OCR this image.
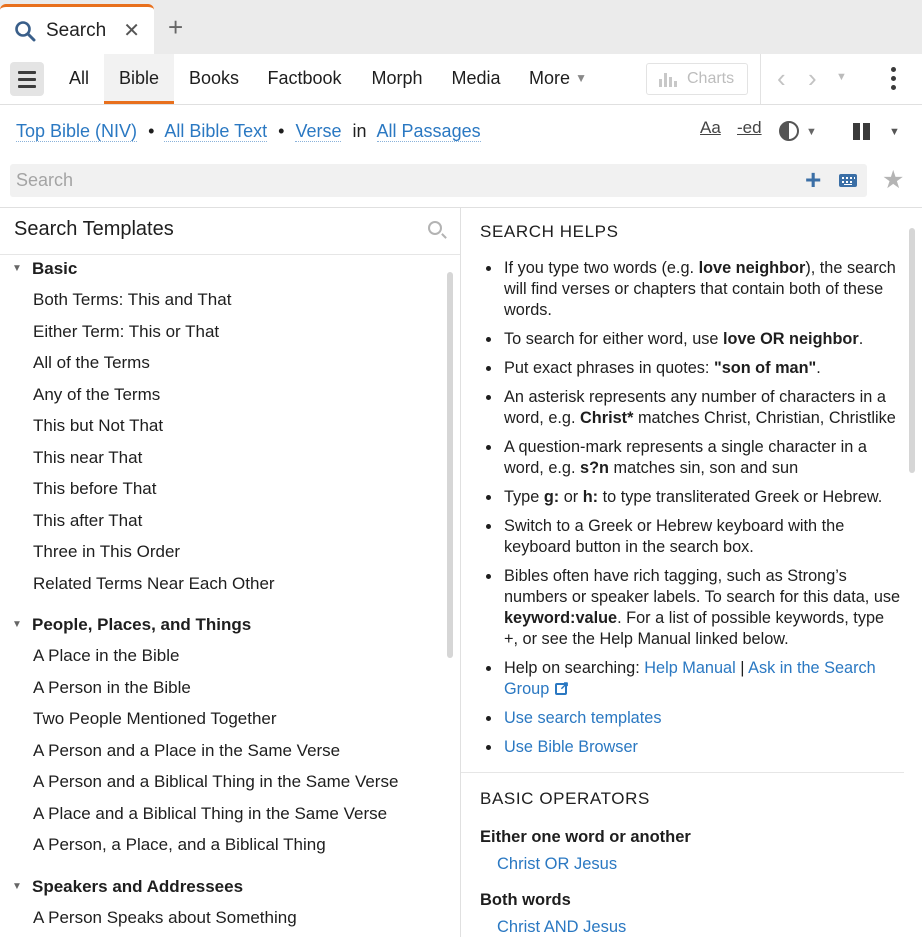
Search ✕ +
All	Bible	Books	Factbook	Morph	Media	More ▼	Charts	‹ › ▼
Top Bible (NIV) • All Bible Text • Verse in All Passages	Aa -ed	▼	▼
Search
+ ★
Search Templates
▼ Basic
Both Terms: This and That
Either Term: This or That
All of the Terms
Any of the Terms
This but Not That
This near That
This before That
This after That
Three in This Order
Related Terms Near Each Other
▼ People, Places, and Things
A Place in the Bible
A Person in the Bible
Two People Mentioned Together
A Person and a Place in the Same Verse
A Person and a Biblical Thing in the Same Verse
A Place and a Biblical Thing in the Same Verse
A Person, a Place, and a Biblical Thing
▼ Speakers and Addressees
A Person Speaks about Something
SEARCH HELPS
If you type two words (e.g. love neighbor), the search will find verses or chapters that contain both of these words.
To search for either word, use love OR neighbor.
Put exact phrases in quotes: "son of man".
An asterisk represents any number of characters in a word, e.g. Christ* matches Christ, Christian, Christlike
A question-mark represents a single character in a word, e.g. s?n matches sin, son and sun
Type g: or h: to type transliterated Greek or Hebrew.
Switch to a Greek or Hebrew keyboard with the keyboard button in the search box.
Bibles often have rich tagging, such as Strong’s numbers or speaker labels. To search for this data, use keyword:value. For a list of possible keywords, type +, or see the Help Manual linked below.
Help on searching: Help Manual | Ask in the Search Group↗
Use search templates
Use Bible Browser
BASIC OPERATORS
Either one word or another
Christ OR Jesus
Both words
Christ AND Jesus
